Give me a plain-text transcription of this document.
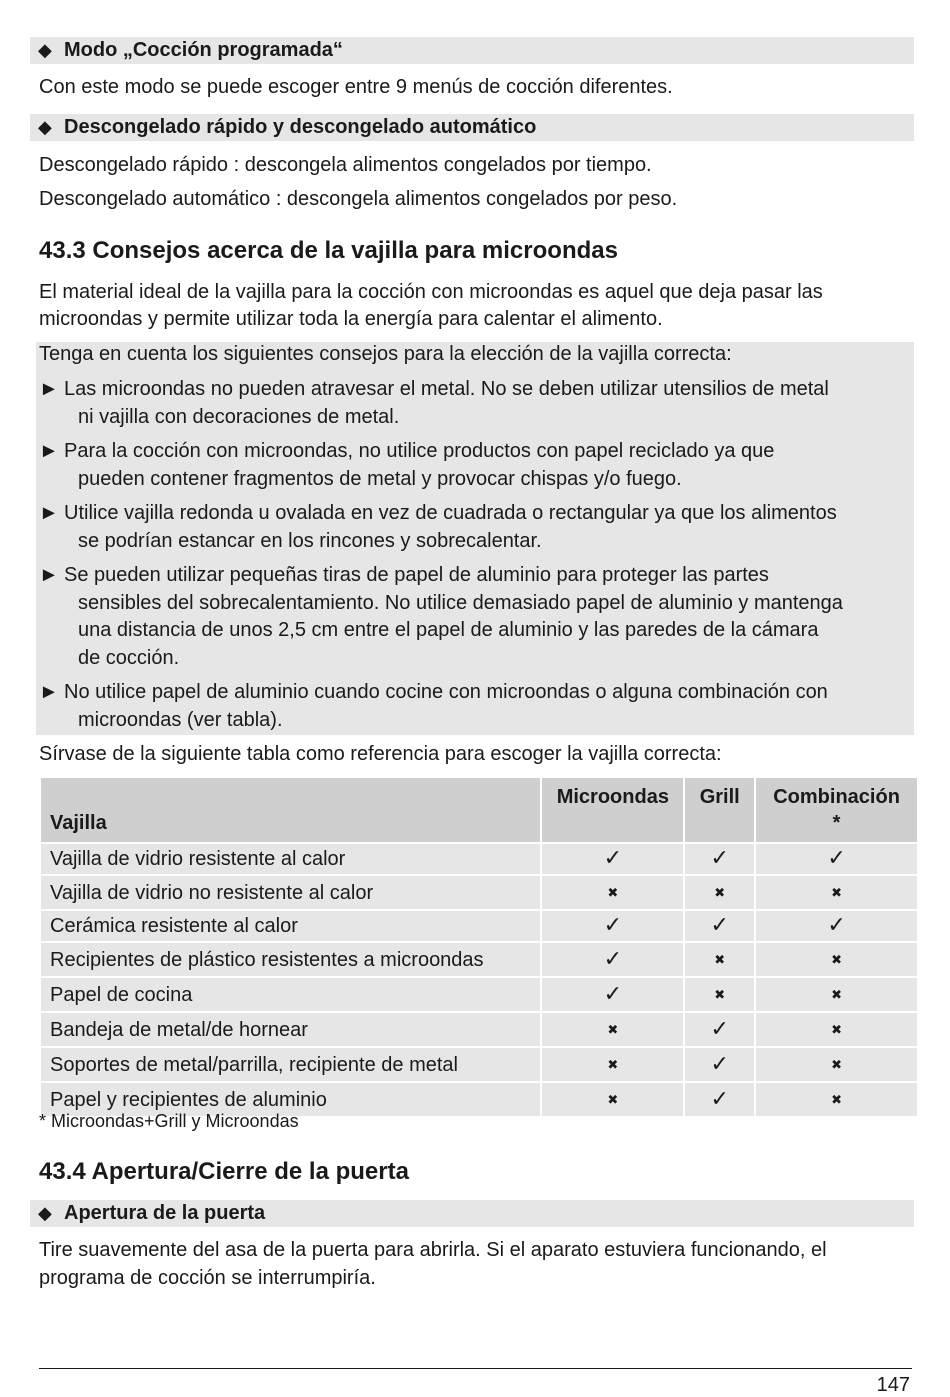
◆ Modo „Cocción programada“
Con este modo se puede escoger entre 9 menús de cocción diferentes.
◆ Descongelado rápido y descongelado automático
Descongelado rápido : descongela alimentos congelados por tiempo.
Descongelado automático : descongela alimentos congelados por peso.
43.3 Consejos acerca de la vajilla para microondas
El material ideal de la vajilla para la cocción con microondas es aquel que deja pasar las
microondas y permite utilizar toda la energía para calentar el alimento.
Tenga en cuenta los siguientes consejos para la elección de la vajilla correcta:
► Las microondas no pueden atravesar el metal. No se deben utilizar utensilios de metal
ni vajilla con decoraciones de metal.
► Para la cocción con microondas, no utilice productos con papel reciclado ya que
pueden contener fragmentos de metal y provocar chispas y/o fuego.
► Utilice vajilla redonda u ovalada en vez de cuadrada o rectangular ya que los alimentos
se podrían estancar en los rincones y sobrecalentar.
► Se pueden utilizar pequeñas tiras de papel de aluminio para proteger las partes
sensibles del sobrecalentamiento. No utilice demasiado papel de aluminio y mantenga
una distancia de unos 2,5 cm entre el papel de aluminio y las paredes de la cámara
de cocción.
► No utilice papel de aluminio cuando cocine con microondas o alguna combinación con
microondas (ver tabla).
Sírvase de la siguiente tabla como referencia para escoger la vajilla correcta:
Vajilla	Microondas	Grill	Combinación
*
Vajilla de vidrio resistente al calor	✓	✓	✓
Vajilla de vidrio no resistente al calor	✖	✖	✖
Cerámica resistente al calor	✓	✓	✓
Recipientes de plástico resistentes a microondas	✓	✖	✖
Papel de cocina	✓	✖	✖
Bandeja de metal/de hornear	✖	✓	✖
Soportes de metal/parrilla, recipiente de metal	✖	✓	✖
Papel y recipientes de aluminio	✖	✓	✖
* Microondas+Grill y Microondas
43.4 Apertura/Cierre de la puerta
◆ Apertura de la puerta
Tire suavemente del asa de la puerta para abrirla. Si el aparato estuviera funcionando, el
programa de cocción se interrumpiría.
147
